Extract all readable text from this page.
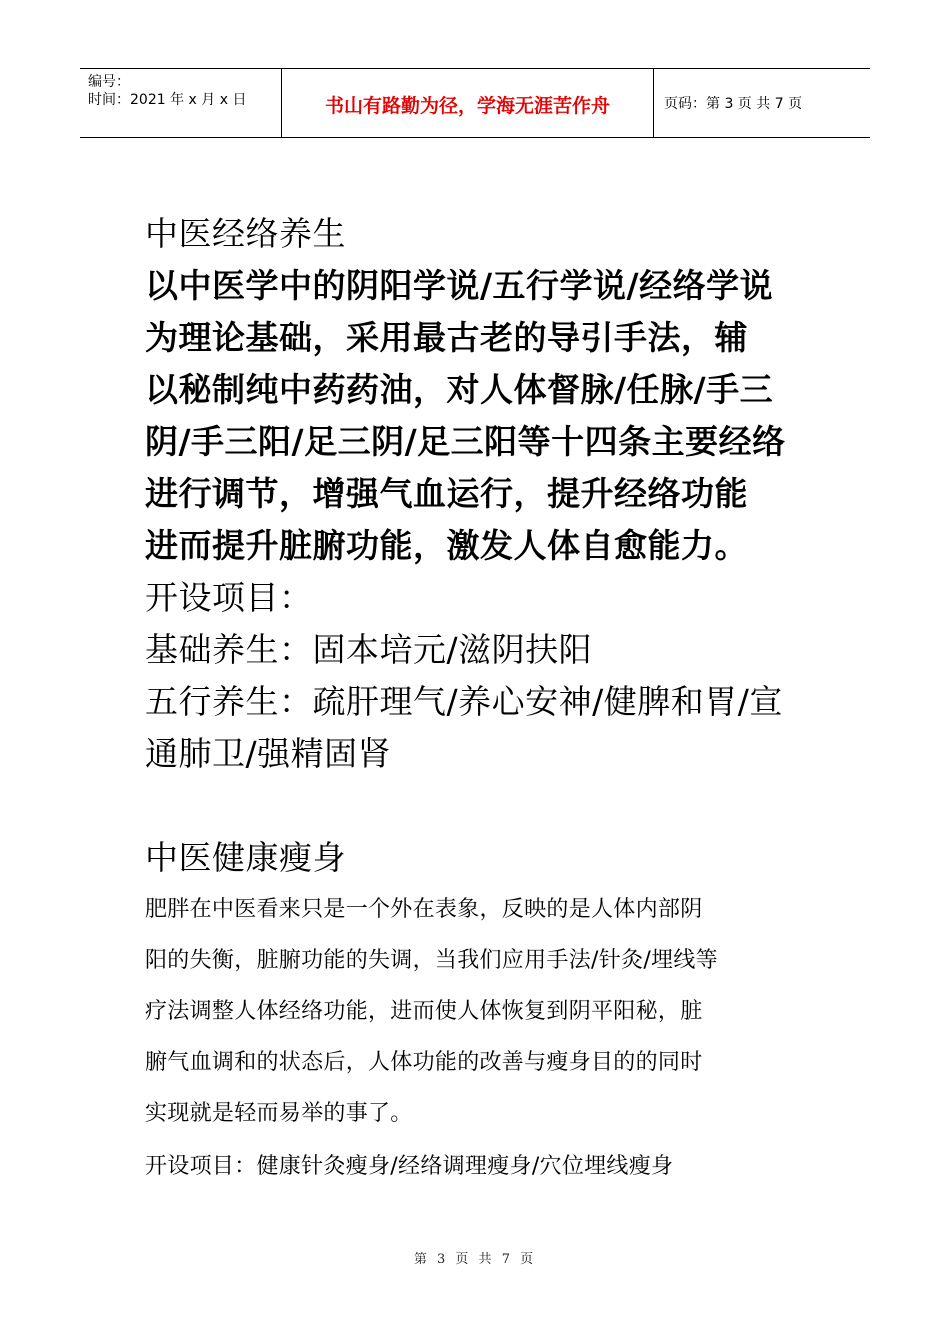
编号：
时间：2021 年 x 月 x 日	书山有路勤为径，学海无涯苦作舟	页码：第 3 页 共 7 页

中医经络养生

以中医学中的阴阳学说/五行学说/经络学说

为理论基础，采用最古老的导引手法，辅

以秘制纯中药药油，对人体督脉/任脉/手三

阴/手三阳/足三阴/足三阳等十四条主要经络

进行调节，增强气血运行，提升经络功能

进而提升脏腑功能，激发人体自愈能力。

开设项目：

基础养生：固本培元/滋阴扶阳

五行养生：疏肝理气/养心安神/健脾和胃/宣

通肺卫/强精固肾

中医健康瘦身

肥胖在中医看来只是一个外在表象，反映的是人体内部阴

阳的失衡，脏腑功能的失调，当我们应用手法/针灸/埋线等

疗法调整人体经络功能，进而使人体恢复到阴平阳秘，脏

腑气血调和的状态后，人体功能的改善与瘦身目的的同时

实现就是轻而易举的事了。

开设项目：健康针灸瘦身/经络调理瘦身/穴位埋线瘦身

第 3 页 共 7 页
